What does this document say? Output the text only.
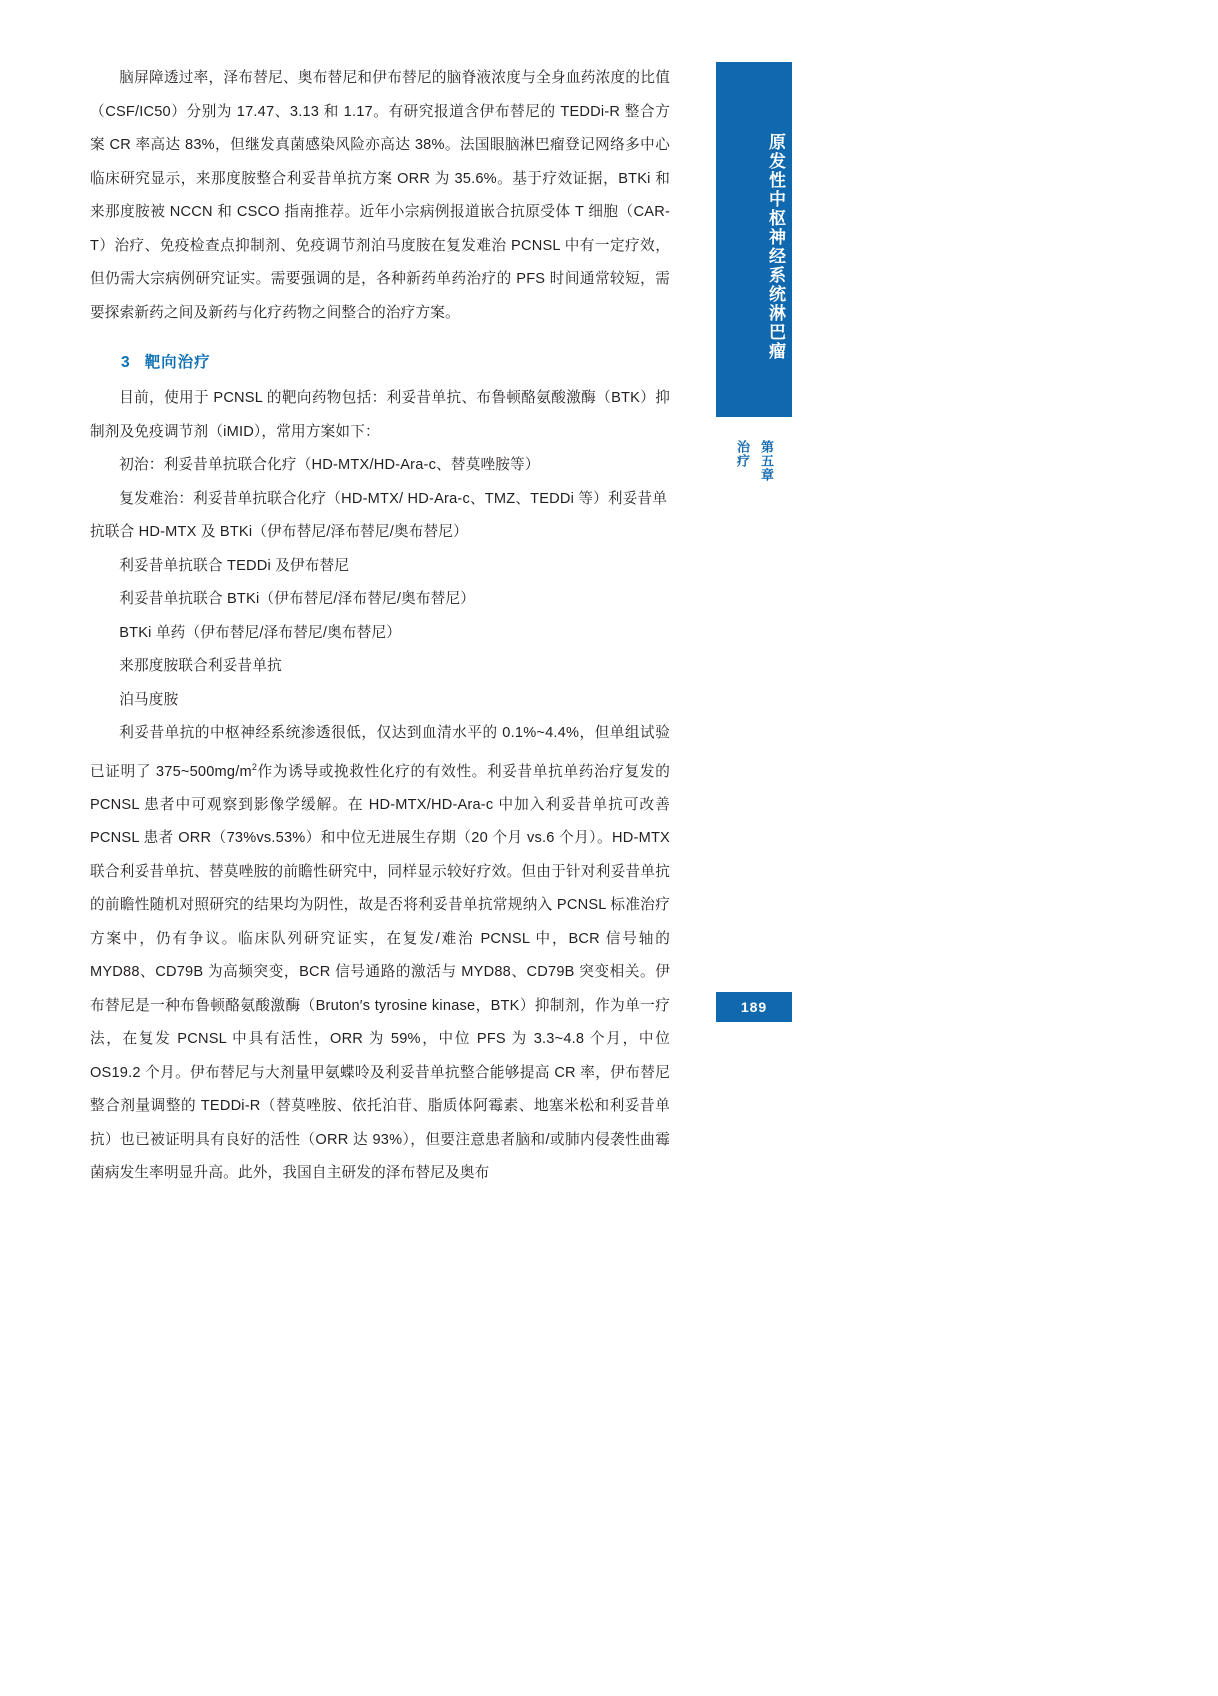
脑屏障透过率，泽布替尼、奥布替尼和伊布替尼的脑脊液浓度与全身血药浓度的比值（CSF/IC50）分别为 17.47、3.13 和 1.17。有研究报道含伊布替尼的 TEDDi-R 整合方案 CR 率高达 83%，但继发真菌感染风险亦高达 38%。法国眼脑淋巴瘤登记网络多中心临床研究显示，来那度胺整合利妥昔单抗方案 ORR 为 35.6%。基于疗效证据，BTKi 和来那度胺被 NCCN 和 CSCO 指南推荐。近年小宗病例报道嵌合抗原受体 T 细胞（CAR-T）治疗、免疫检查点抑制剂、免疫调节剂泊马度胺在复发难治 PCNSL 中有一定疗效，但仍需大宗病例研究证实。需要强调的是，各种新药单药治疗的 PFS 时间通常较短，需要探索新药之间及新药与化疗药物之间整合的治疗方案。

3 靶向治疗

目前，使用于 PCNSL 的靶向药物包括：利妥昔单抗、布鲁顿酪氨酸激酶（BTK）抑制剂及免疫调节剂（iMID），常用方案如下：

初治：利妥昔单抗联合化疗（HD-MTX/HD-Ara-c、替莫唑胺等）
复发难治：利妥昔单抗联合化疗（HD-MTX/ HD-Ara-c、TMZ、TEDDi 等）利妥昔单抗联合 HD-MTX 及 BTKi（伊布替尼/泽布替尼/奥布替尼）
利妥昔单抗联合 TEDDi 及伊布替尼
利妥昔单抗联合 BTKi（伊布替尼/泽布替尼/奥布替尼）
BTKi 单药（伊布替尼/泽布替尼/奥布替尼）
来那度胺联合利妥昔单抗
泊马度胺

利妥昔单抗的中枢神经系统渗透很低，仅达到血清水平的 0.1%~4.4%，但单组试验已证明了 $375\sim 500mg/m^2$作为诱导或挽救性化疗的有效性。利妥昔单抗单药治疗复发的 PCNSL 患者中可观察到影像学缓解。在 HD-MTX/HD-Ara-c 中加入利妥昔单抗可改善 PCNSL 患者 ORR（73%vs.53%）和中位无进展生存期（20 个月 vs.6 个月）。HD-MTX 联合利妥昔单抗、替莫唑胺的前瞻性研究中，同样显示较好疗效。但由于针对利妥昔单抗的前瞻性随机对照研究的结果均为阴性，故是否将利妥昔单抗常规纳入 PCNSL 标准治疗方案中，仍有争议。临床队列研究证实，在复发/难治 PCNSL 中，BCR 信号轴的 MYD88、CD79B 为高频突变，BCR 信号通路的激活与 MYD88、CD79B 突变相关。伊布替尼是一种布鲁顿酪氨酸激酶（Bruton′s tyrosine kinase，BTK）抑制剂，作为单一疗法，在复发 PCNSL 中具有活性，ORR 为 59%，中位 PFS 为 3.3~4.8 个月，中位 OS19.2 个月。伊布替尼与大剂量甲氨蝶呤及利妥昔单抗整合能够提高 CR 率，伊布替尼整合剂量调整的 TEDDi-R（替莫唑胺、依托泊苷、脂质体阿霉素、地塞米松和利妥昔单抗）也已被证明具有良好的活性（ORR 达 93%），但要注意患者脑和/或肺内侵袭性曲霉菌病发生率明显升高。此外，我国自主研发的泽布替尼及奥布

原发性中枢神经系统淋巴瘤
第五章
治疗
189
